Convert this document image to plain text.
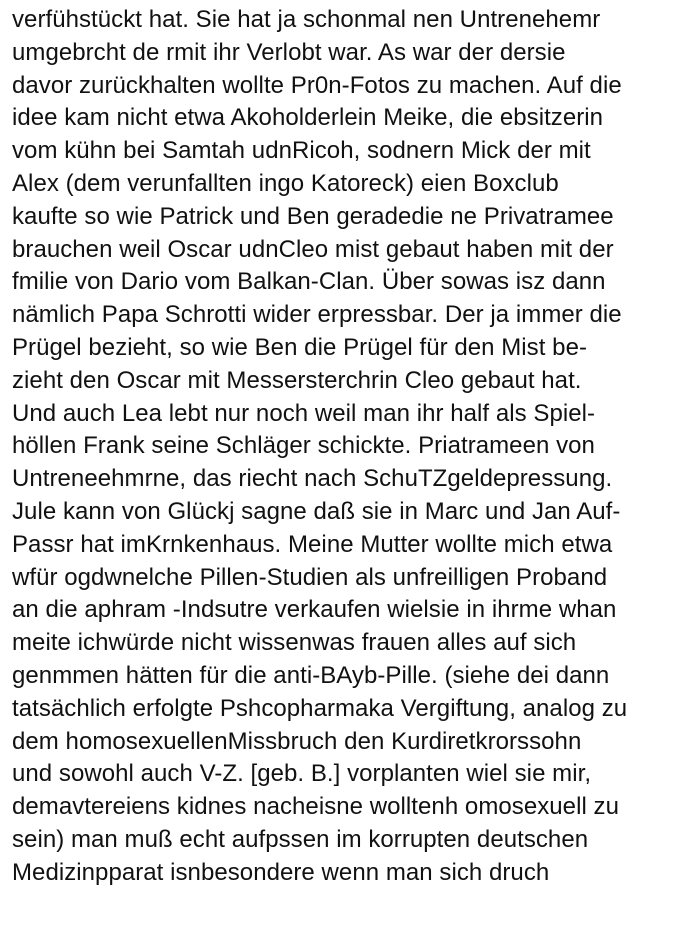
verfühstückt hat. Sie hat ja schonmal nen Untrenehemr
umgebrcht de rmit ihr Verlobt war. As war der dersie
davor zurückhalten wollte Pr0n-Fotos zu machen. Auf die
idee kam nicht etwa Akoholderlein Meike, die ebsitzerin
vom kühn bei Samtah udnRicoh, sodnern Mick der mit
Alex (dem verunfallten ingo Katoreck) eien Boxclub
kaufte so wie Patrick und Ben geradedie ne Privatramee
brauchen weil Oscar udnCleo mist gebaut haben mit der
fmilie von Dario vom Balkan-Clan. Über sowas isz dann
nämlich Papa Schrotti wider erpressbar. Der ja immer die
Prügel bezieht, so wie Ben die Prügel für den Mist be-
zieht den Oscar mit Messersterchrin Cleo gebaut hat.
Und auch Lea lebt nur noch weil man ihr half als Spiel-
höllen Frank seine Schläger schickte. Priatrameen von
Untreneehmrne, das riecht nach SchuTZgeldepressung.
Jule kann von Glückj sagne daß sie in Marc und Jan Auf-
Passr hat imKrnkenhaus. Meine Mutter wollte mich etwa
wfür ogdwnelche Pillen-Studien als unfreilligen Proband
an die aphram -Indsutre verkaufen wielsie in ihrme whan
meite ichwürde nicht wissenwas frauen alles auf sich
genmmen hätten für die anti-BAyb-Pille. (siehe dei dann
tatsächlich erfolgte Pshcopharmaka Vergiftung, analog zu
dem homosexuellenMissbruch den Kurdiretkrorssohn
und sowohl auch V-Z. [geb. B.] vorplanten wiel sie mir,
demavtereiens kidnes nacheisne wolltenh omosexuell zu
sein) man muß echt aufpssen im korrupten deutschen
Medizinpparat isnbesondere wenn man sich druch
